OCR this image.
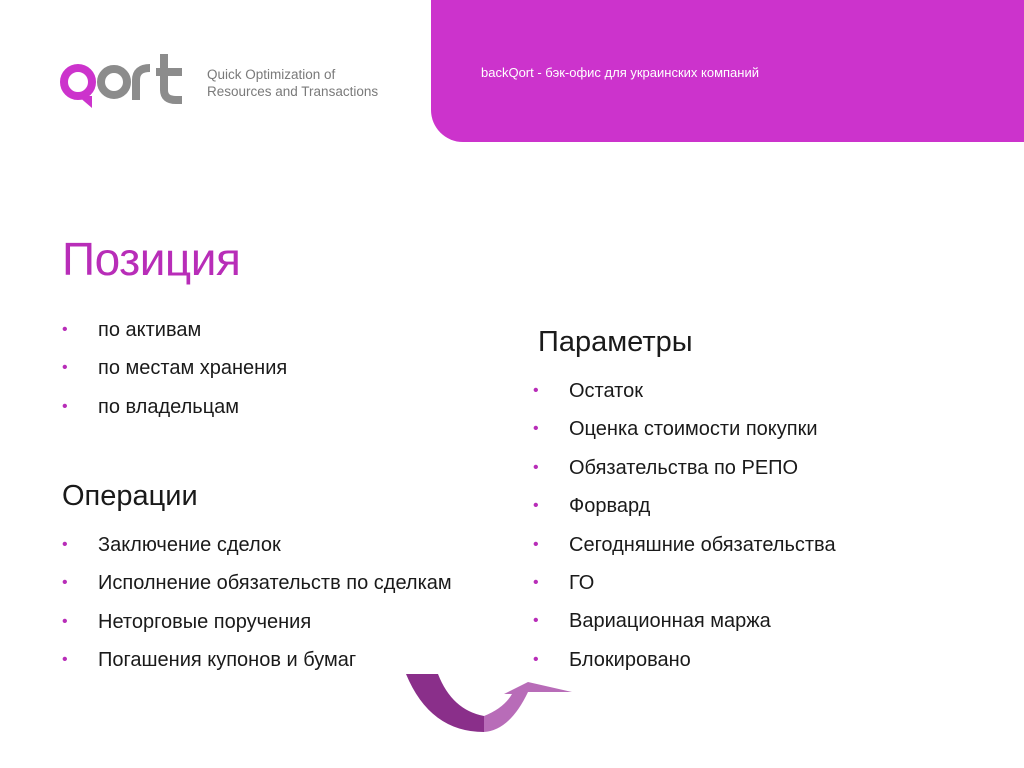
backQort - бэк-офис для украинских компаний
Quick Optimization of
Resources and Transactions
Позиция
• по активам
• по местам хранения
• по владельцам
Операции
• Заключение сделок
• Исполнение обязательств по сделкам
• Неторговые поручения
• Погашения купонов и бумаг
Параметры
• Остаток
• Оценка стоимости покупки
• Обязательства по РЕПО
• Форвард
• Сегодняшние обязательства
• ГО
• Вариационная маржа
• Блокировано
